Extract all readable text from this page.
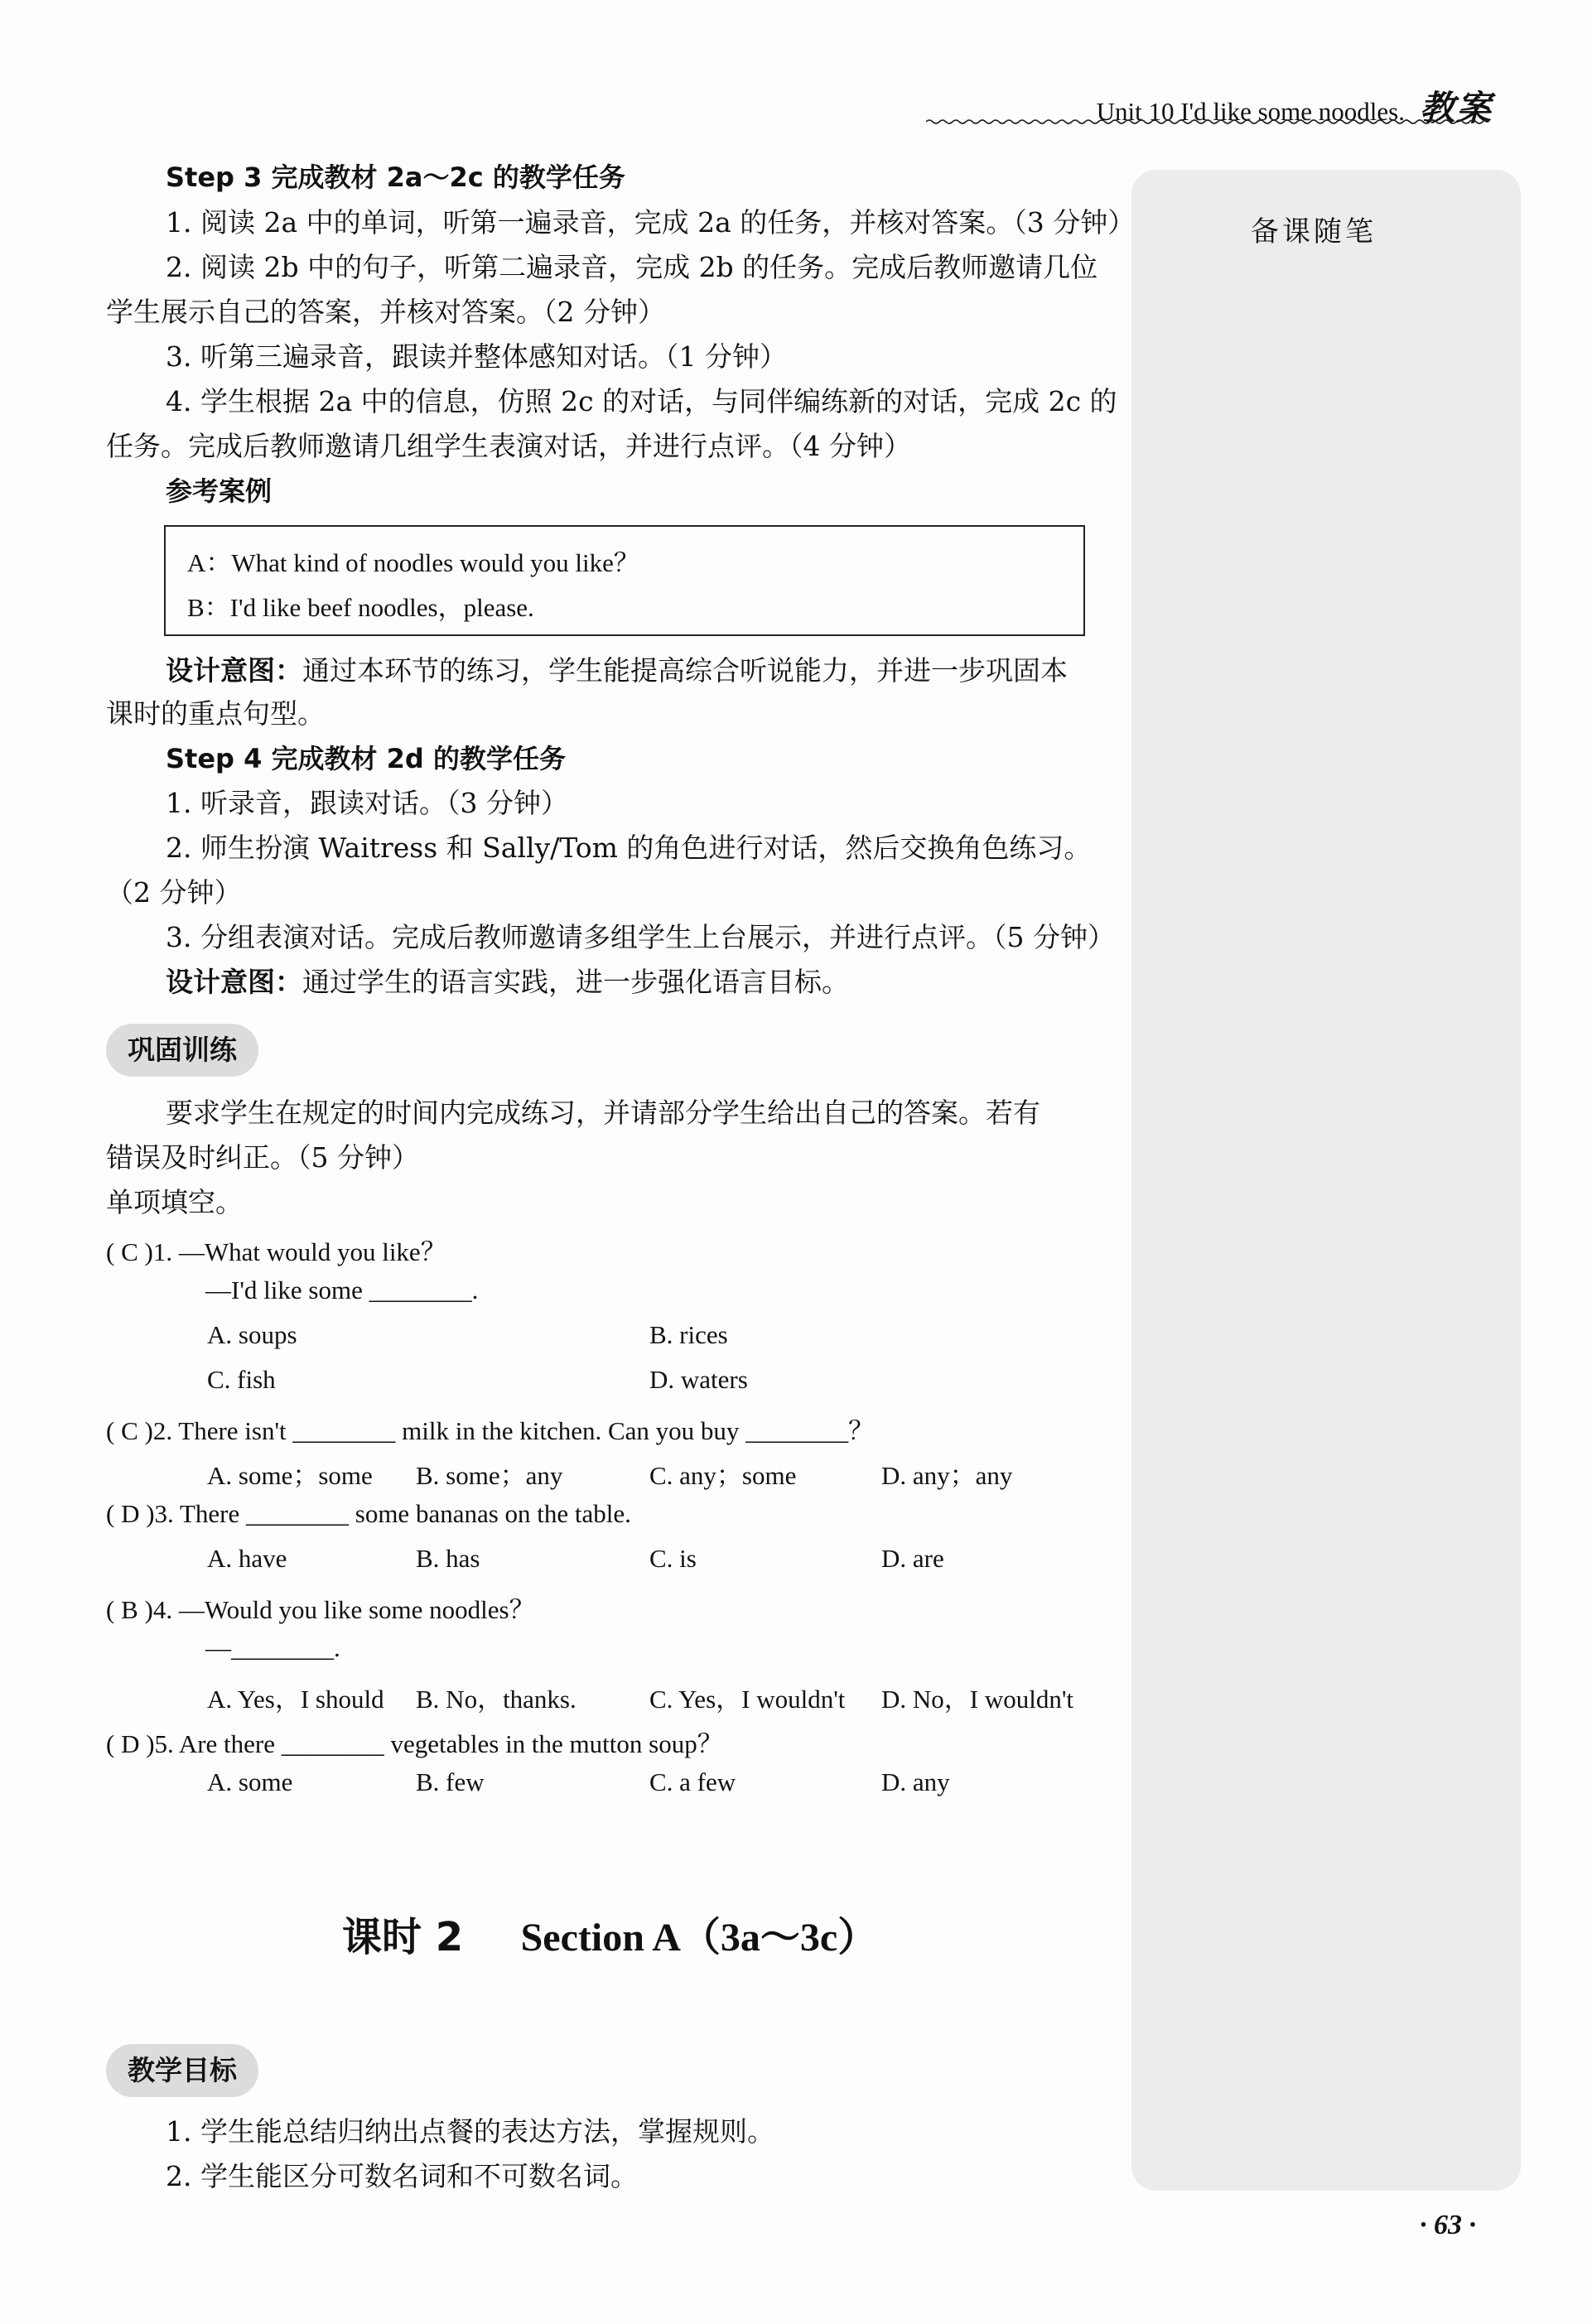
Unit 10 I'd like some noodles. 教案
备课随笔
Step 3 完成教材 2a～2c 的教学任务
1. 阅读 2a 中的单词，听第一遍录音，完成 2a 的任务，并核对答案。（3 分钟）
2. 阅读 2b 中的句子，听第二遍录音，完成 2b 的任务。完成后教师邀请几位
学生展示自己的答案，并核对答案。（2 分钟）
3. 听第三遍录音，跟读并整体感知对话。（1 分钟）
4. 学生根据 2a 中的信息，仿照 2c 的对话，与同伴编练新的对话，完成 2c 的
任务。完成后教师邀请几组学生表演对话，并进行点评。（4 分钟）
参考案例
A：What kind of noodles would you like？
B：I'd like beef noodles，please.
设计意图：通过本环节的练习，学生能提高综合听说能力，并进一步巩固本
课时的重点句型。
Step 4 完成教材 2d 的教学任务
1. 听录音，跟读对话。（3 分钟）
2. 师生扮演 Waitress 和 Sally/Tom 的角色进行对话，然后交换角色练习。
（2 分钟）
3. 分组表演对话。完成后教师邀请多组学生上台展示，并进行点评。（5 分钟）
设计意图：通过学生的语言实践，进一步强化语言目标。
巩固训练
要求学生在规定的时间内完成练习，并请部分学生给出自己的答案。若有
错误及时纠正。（5 分钟）
单项填空。
( C )1. —What would you like？
—I'd like some ________.
A. soups	B. rices
C. fish	D. waters
( C )2. There isn't ________ milk in the kitchen. Can you buy ________？
A. some；some B. some；any	C. any；some	D. any；any
( D )3. There ________ some bananas on the table.
A. have	B. has	C. is	D. are
( B )4. —Would you like some noodles？
—________.
A. Yes，I should B. No，thanks.	C. Yes，I wouldn't D. No，I wouldn't
( D )5. Are there ________ vegetables in the mutton soup？
A. some	B. few	C. a few	D. any
课时 2 Section A（3a～3c）
教学目标
1. 学生能总结归纳出点餐的表达方法，掌握规则。
2. 学生能区分可数名词和不可数名词。
· 63 ·
